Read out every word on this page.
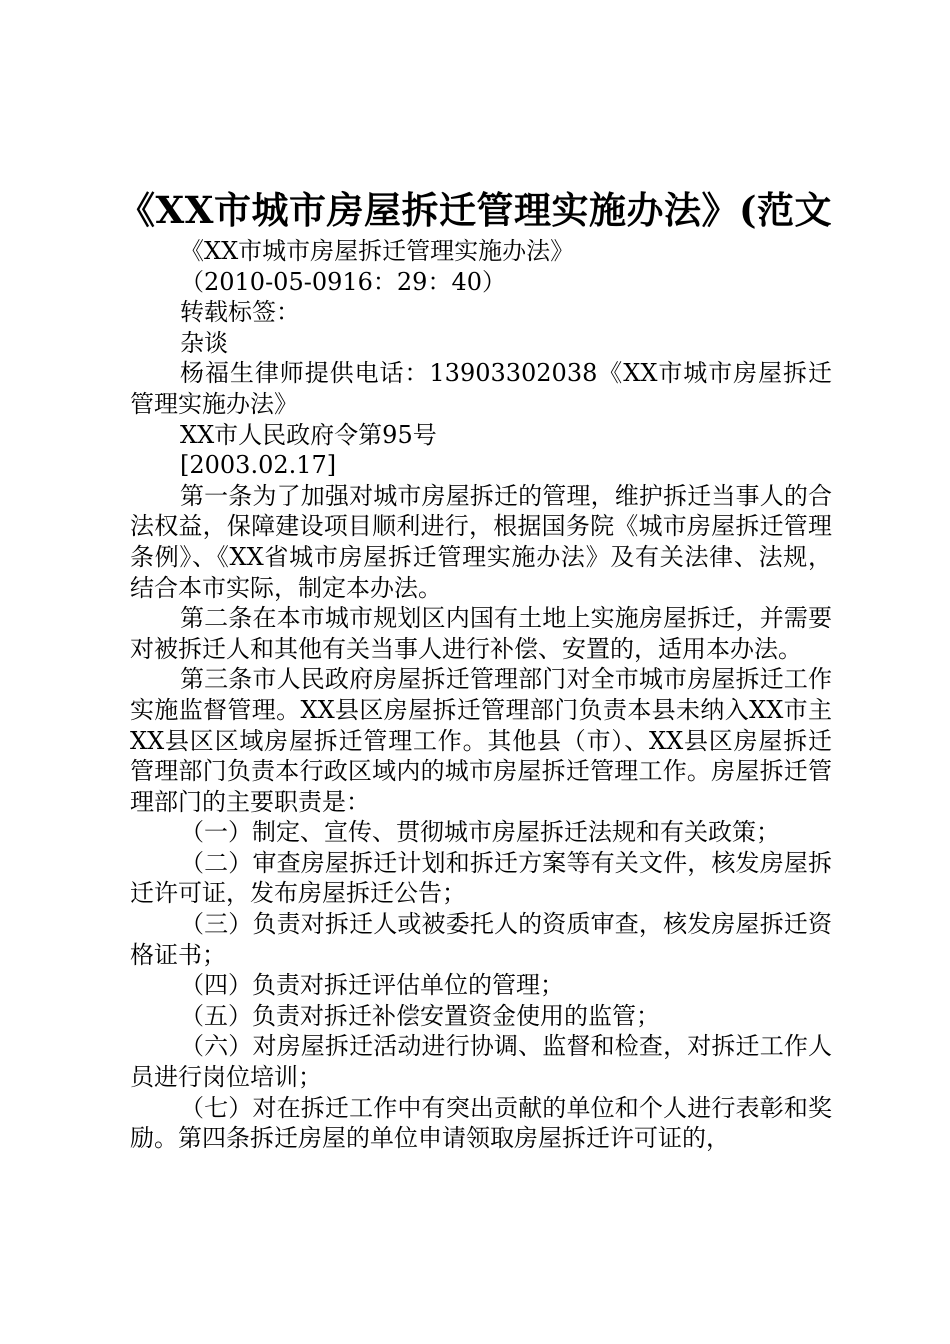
《XX市城市房屋拆迁管理实施办法》(范文

《XX市城市房屋拆迁管理实施办法》

（2010-05-0916：29：40）

转载标签：

杂谈

杨福生律师提供电话：13903302038《XX市城市房屋拆迁管理实施办法》

XX市人民政府令第95号

[2003.02.17]

第一条为了加强对城市房屋拆迁的管理，维护拆迁当事人的合法权益，保障建设项目顺利进行，根据国务院《城市房屋拆迁管理条例》、《XX省城市房屋拆迁管理实施办法》及有关法律、法规，结合本市实际，制定本办法。

第二条在本市城市规划区内国有土地上实施房屋拆迁，并需要对被拆迁人和其他有关当事人进行补偿、安置的，适用本办法。

第三条市人民政府房屋拆迁管理部门对全市城市房屋拆迁工作实施监督管理。XX县区房屋拆迁管理部门负责本县未纳入XX市主XX县区区域房屋拆迁管理工作。其他县（市）、XX县区房屋拆迁管理部门负责本行政区域内的城市房屋拆迁管理工作。房屋拆迁管理部门的主要职责是：

（一）制定、宣传、贯彻城市房屋拆迁法规和有关政策；

（二）审查房屋拆迁计划和拆迁方案等有关文件，核发房屋拆迁许可证，发布房屋拆迁公告；

（三）负责对拆迁人或被委托人的资质审查，核发房屋拆迁资格证书；

（四）负责对拆迁评估单位的管理；

（五）负责对拆迁补偿安置资金使用的监管；

（六）对房屋拆迁活动进行协调、监督和检查，对拆迁工作人员进行岗位培训；

（七）对在拆迁工作中有突出贡献的单位和个人进行表彰和奖励。第四条拆迁房屋的单位申请领取房屋拆迁许可证的，
